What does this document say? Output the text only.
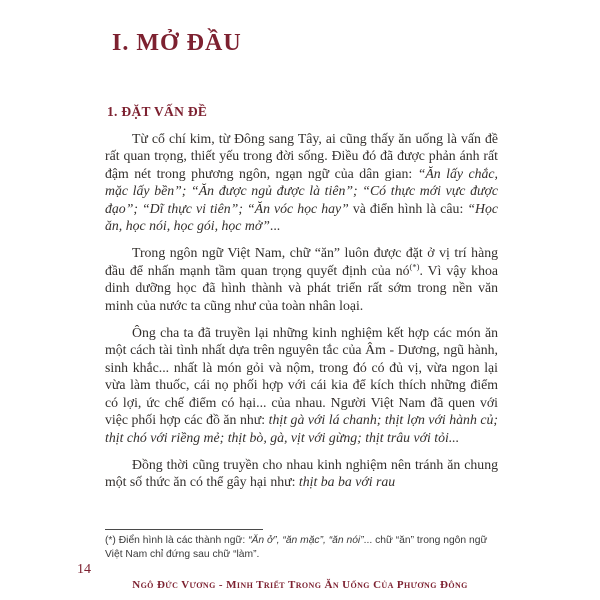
I. MỞ ĐẦU
1. ĐẶT VẤN ĐỀ

Từ cổ chí kim, từ Đông sang Tây, ai cũng thấy ăn uống là vấn đề rất quan trọng, thiết yếu trong đời sống. Điều đó đã được phản ánh rất đậm nét trong phương ngôn, ngạn ngữ của dân gian: “Ăn lấy chắc, mặc lấy bền”; “Ăn được ngủ được là tiên”; “Có thực mới vực được đạo”; “Dĩ thực vi tiên”; “Ăn vóc học hay” và điển hình là câu: “Học ăn, học nói, học gói, học mở”...

Trong ngôn ngữ Việt Nam, chữ “ăn” luôn được đặt ở vị trí hàng đầu để nhấn mạnh tầm quan trọng quyết định của nó(*). Vì vậy khoa dinh dưỡng học đã hình thành và phát triển rất sớm trong nền văn minh của nước ta cũng như của toàn nhân loại.

Ông cha ta đã truyền lại những kinh nghiệm kết hợp các món ăn một cách tài tình nhất dựa trên nguyên tắc của Âm - Dương, ngũ hành, sinh khắc... nhất là món gỏi và nộm, trong đó có đủ vị, vừa ngon lại vừa làm thuốc, cái nọ phối hợp với cái kia để kích thích những điểm có lợi, ức chế điểm có hại... của nhau. Người Việt Nam đã quen với việc phối hợp các đồ ăn như: thịt gà với lá chanh; thịt lợn với hành củ; thịt chó với riềng mẻ; thịt bò, gà, vịt với gừng; thịt trâu với tỏi...

Đồng thời cũng truyền cho nhau kinh nghiệm nên tránh ăn chung một số thức ăn có thể gây hại như: thịt ba ba với rau

(*) Điển hình là các thành ngữ: “Ăn ở”, “ăn mặc”, “ăn nói”... chữ “ăn” trong ngôn ngữ Việt Nam chỉ đứng sau chữ “làm”.

14
Ngô Đức Vương - Minh Triết Trong Ăn Uống Của Phương Đông
